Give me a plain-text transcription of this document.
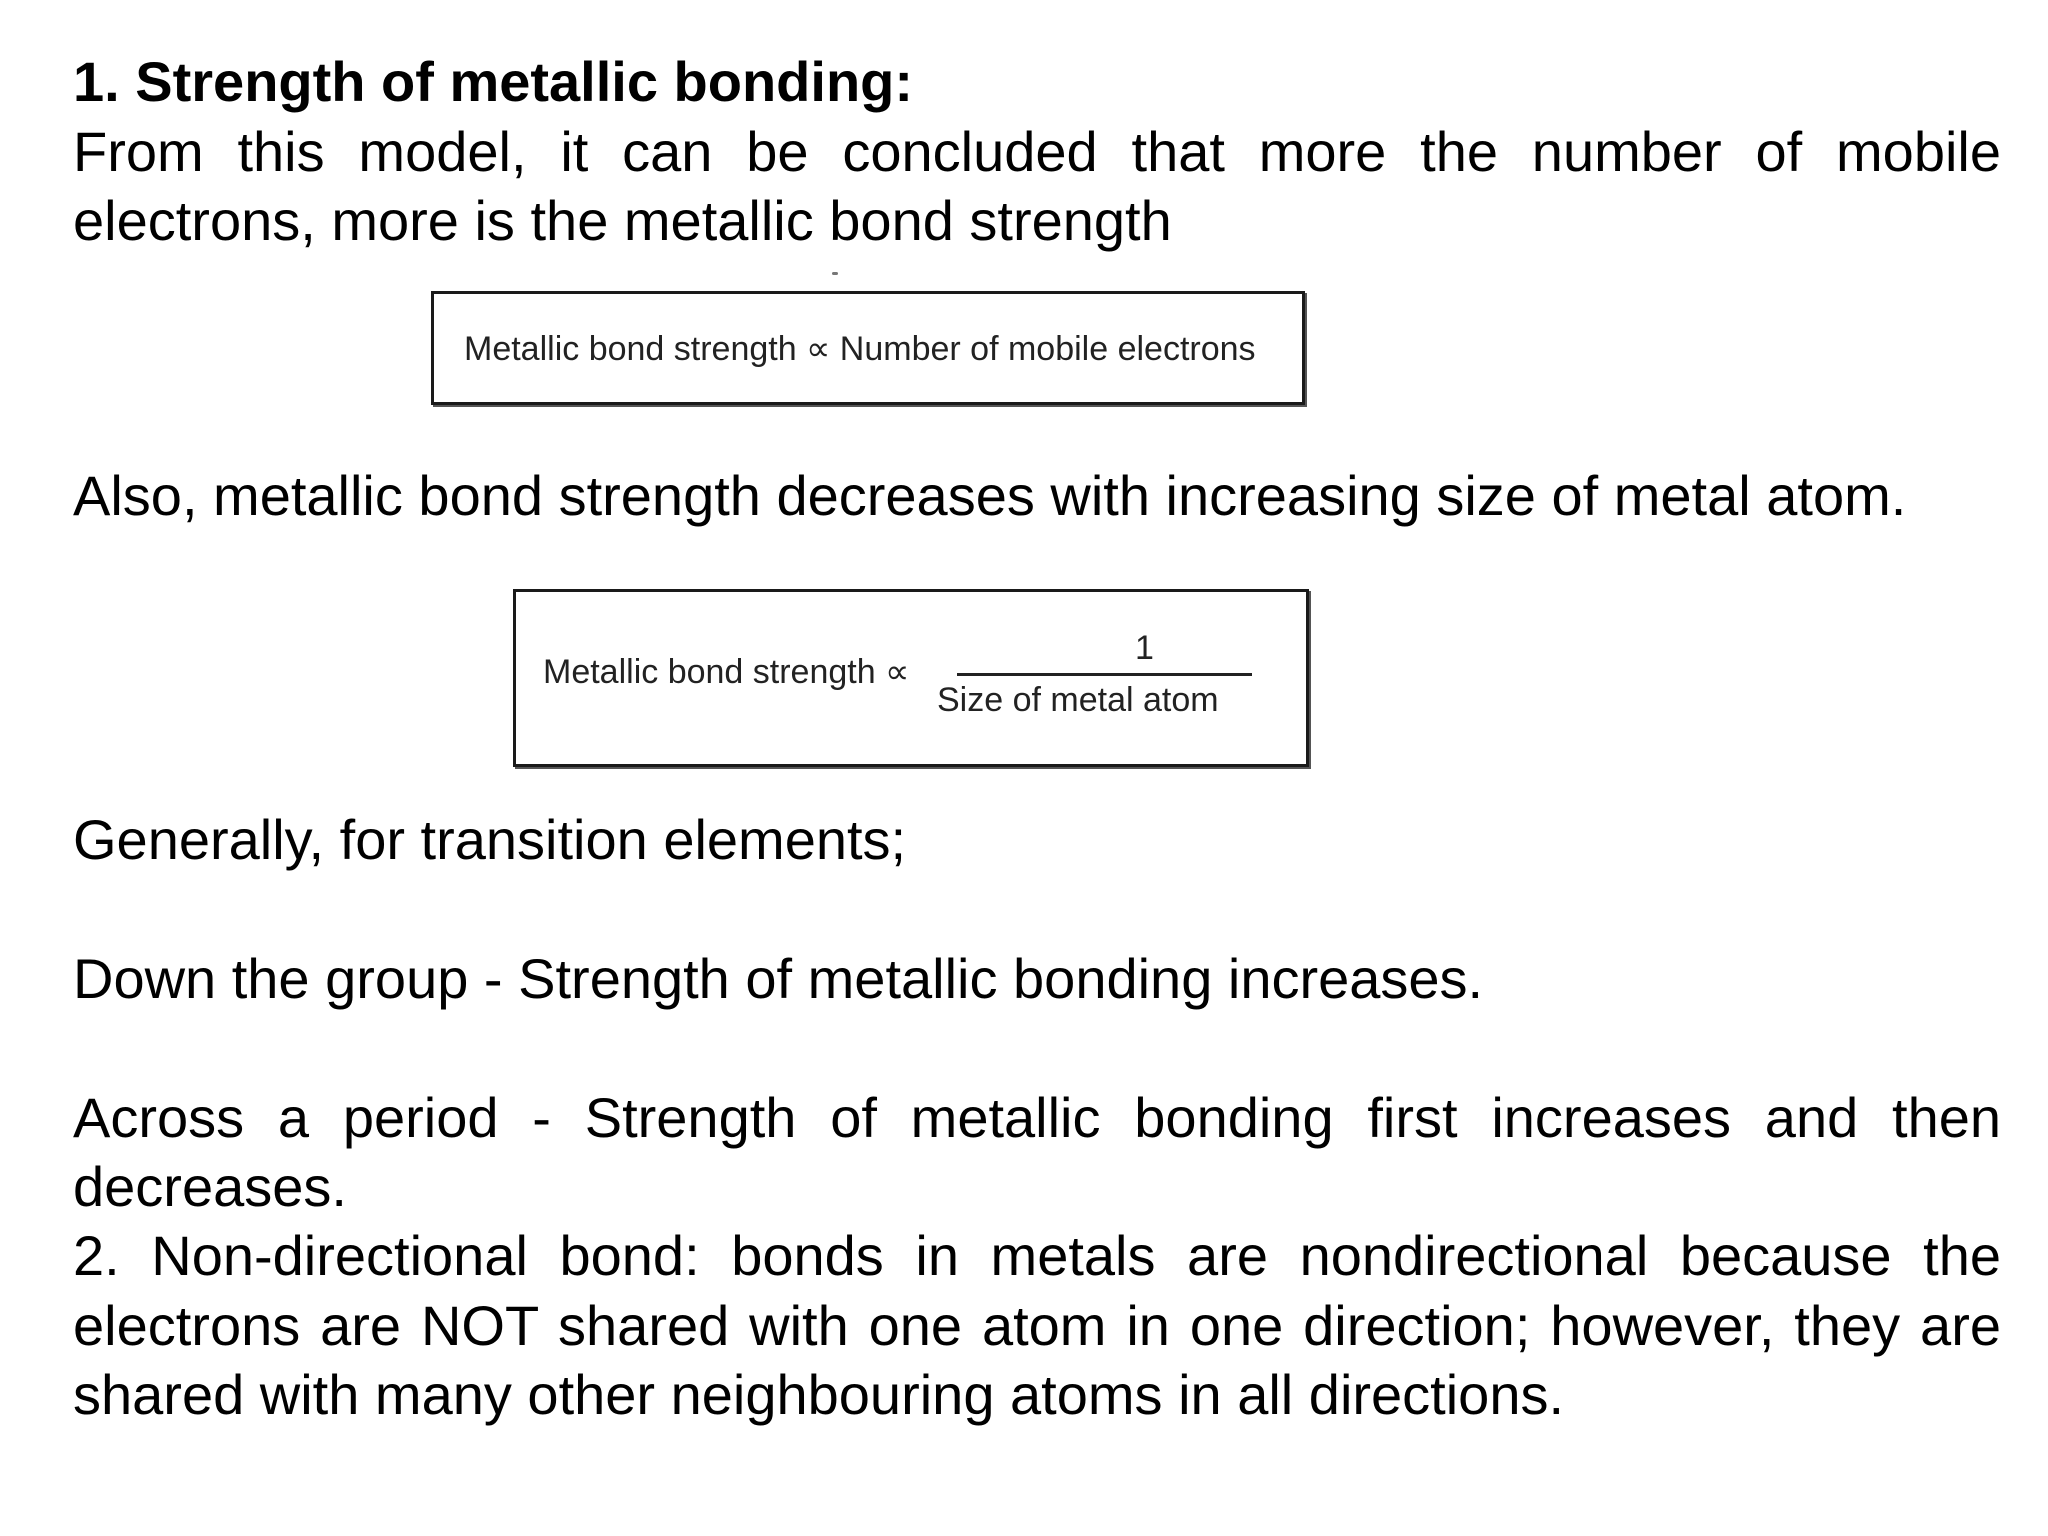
1. Strength of metallic bonding:
From this model, it can be concluded that more the number of mobile
electrons, more is the metallic bond strength
Also, metallic bond strength decreases with increasing size of metal atom.
Generally, for transition elements;
Down the group - Strength of metallic bonding increases.
Across a period - Strength of metallic bonding first increases and then
decreases.
2. Non-directional bond: bonds in metals are nondirectional because the
electrons are NOT shared with one atom in one direction; however, they are
shared with many other neighbouring atoms in all directions.
Metallic bond strength ∝ Number of mobile electrons
Metallic bond strength ∝
1
Size of metal atom
